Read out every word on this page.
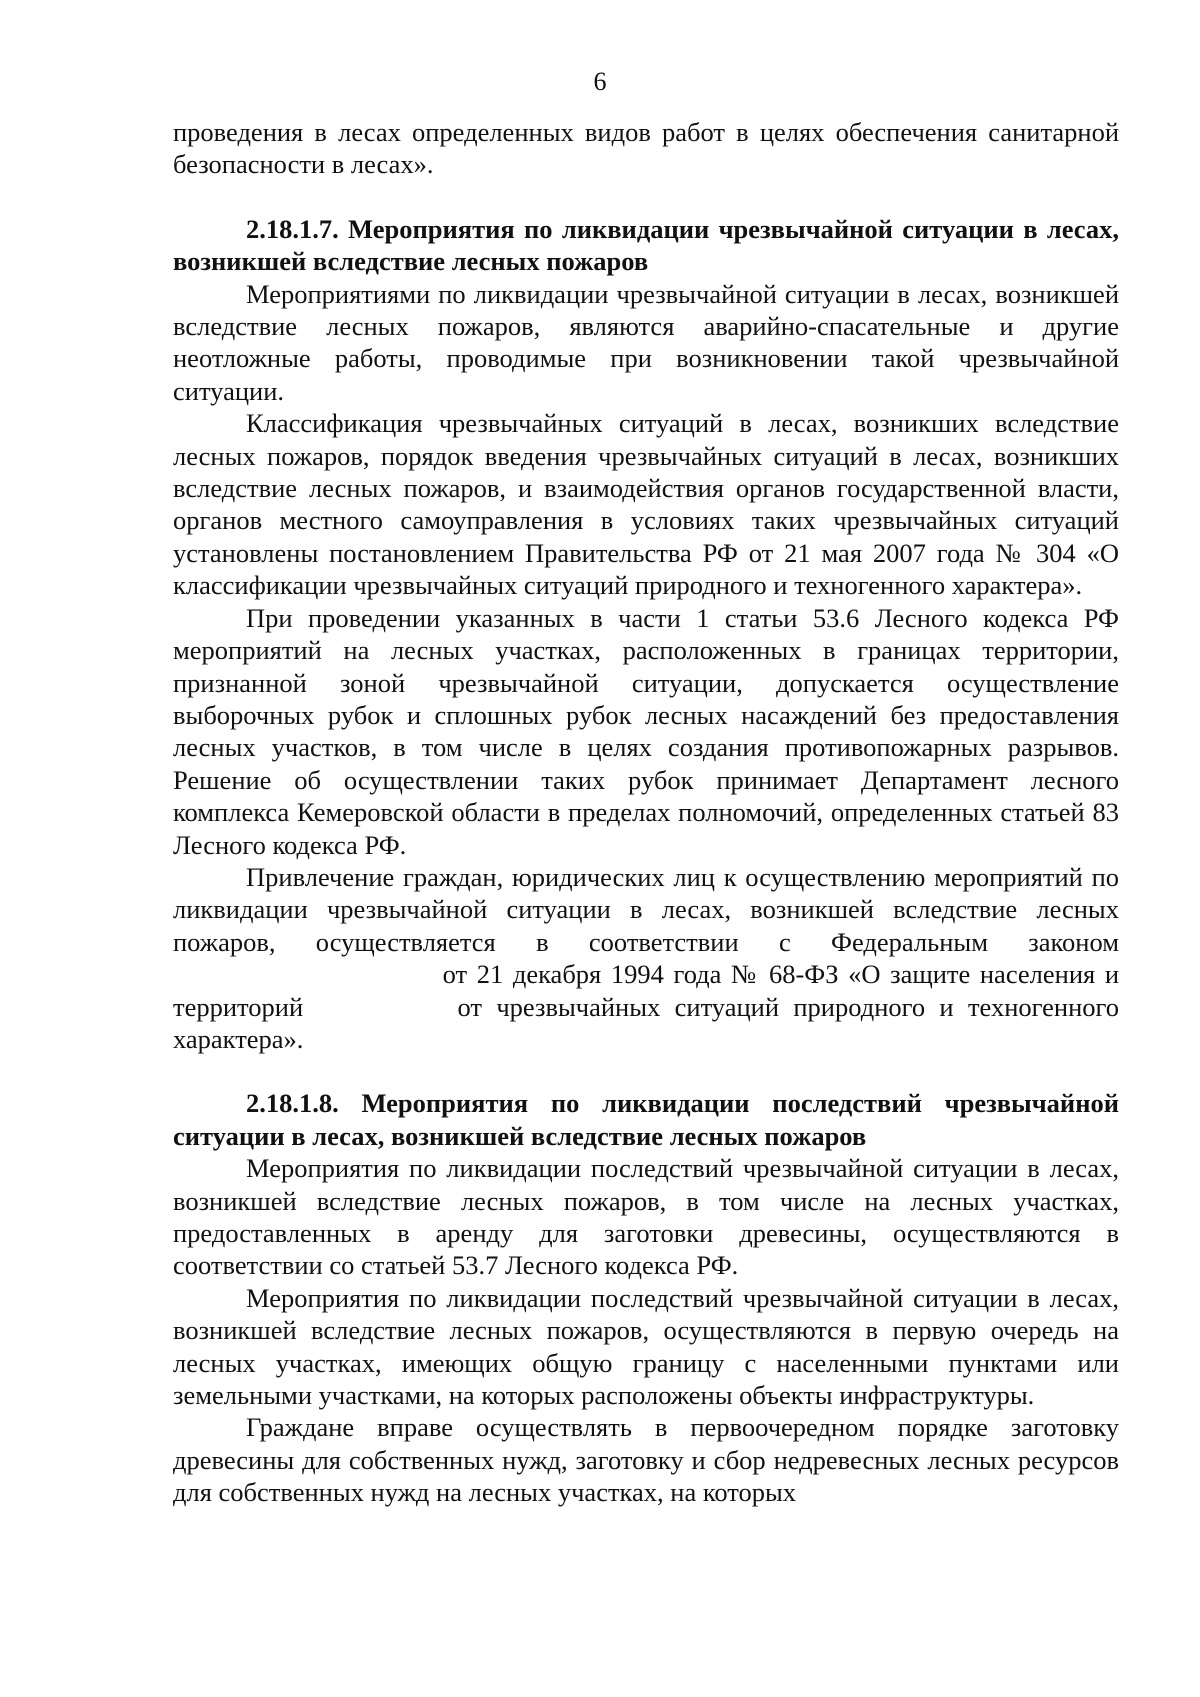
6

проведения в лесах определенных видов работ в целях обеспечения санитарной безопасности в лесах».

2.18.1.7. Мероприятия по ликвидации чрезвычайной ситуации в лесах, возникшей вследствие лесных пожаров

Мероприятиями по ликвидации чрезвычайной ситуации в лесах, возникшей вследствие лесных пожаров, являются аварийно-спасательные и другие неотложные работы, проводимые при возникновении такой чрезвычайной ситуации.

Классификация чрезвычайных ситуаций в лесах, возникших вследствие лесных пожаров, порядок введения чрезвычайных ситуаций в лесах, возникших вследствие лесных пожаров, и взаимодействия органов государственной власти, органов местного самоуправления в условиях таких чрезвычайных ситуаций установлены постановлением Правительства РФ от 21 мая 2007 года № 304 «О классификации чрезвычайных ситуаций природного и техногенного характера».

При проведении указанных в части 1 статьи 53.6 Лесного кодекса РФ мероприятий на лесных участках, расположенных в границах территории, признанной зоной чрезвычайной ситуации, допускается осуществление выборочных рубок и сплошных рубок лесных насаждений без предоставления лесных участков, в том числе в целях создания противопожарных разрывов. Решение об осуществлении таких рубок принимает Департамент лесного комплекса Кемеровской области в пределах полномочий, определенных статьей 83 Лесного кодекса РФ.

Привлечение граждан, юридических лиц к осуществлению мероприятий по ликвидации чрезвычайной ситуации в лесах, возникшей вследствие лесных пожаров, осуществляется в соответствии с Федеральным законом от 21 декабря 1994 года № 68-ФЗ «О защите населения и территорий	от чрезвычайных ситуаций природного и техногенного характера».

2.18.1.8. Мероприятия по ликвидации последствий чрезвычайной ситуации в лесах, возникшей вследствие лесных пожаров

Мероприятия по ликвидации последствий чрезвычайной ситуации в лесах, возникшей вследствие лесных пожаров, в том числе на лесных участках, предоставленных в аренду для заготовки древесины, осуществляются в соответствии со статьей 53.7 Лесного кодекса РФ.

Мероприятия по ликвидации последствий чрезвычайной ситуации в лесах, возникшей вследствие лесных пожаров, осуществляются в первую очередь на лесных участках, имеющих общую границу с населенными пунктами или земельными участками, на которых расположены объекты инфраструктуры.

Граждане вправе осуществлять в первоочередном порядке заготовку древесины для собственных нужд, заготовку и сбор недревесных лесных ресурсов для собственных нужд на лесных участках, на которых
